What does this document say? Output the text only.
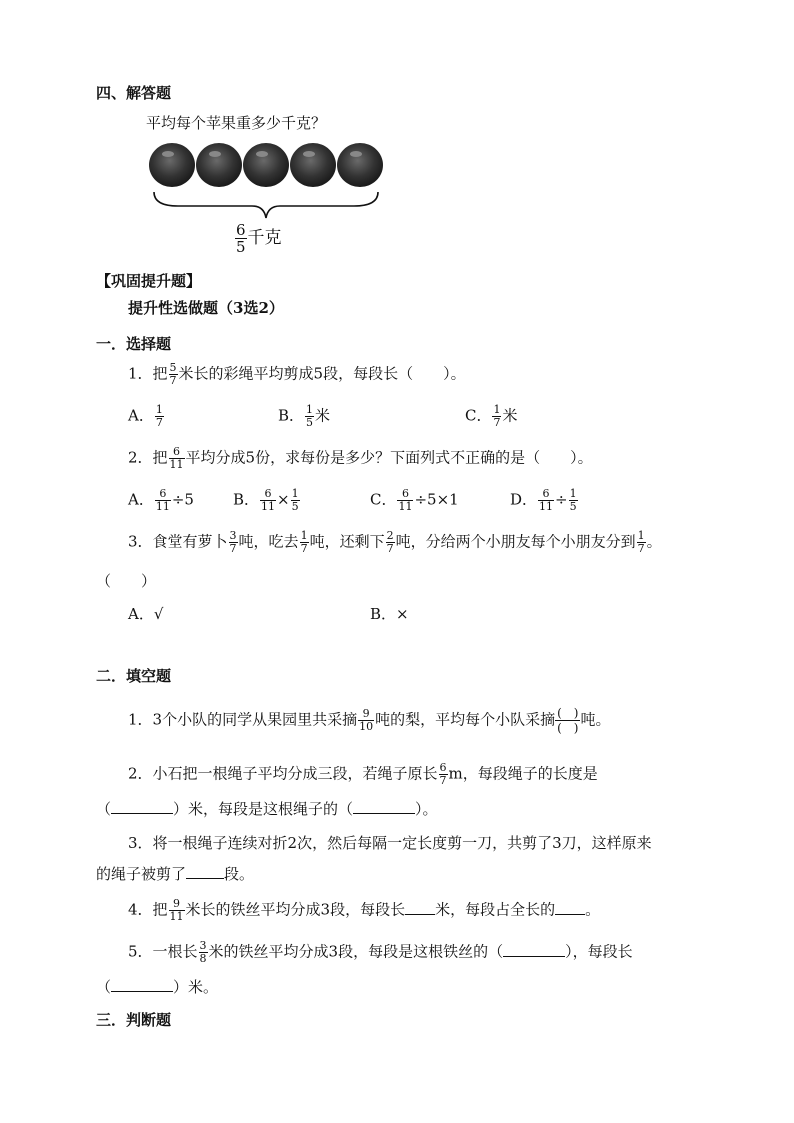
四、解答题
平均每个苹果重多少千克？
$\frac{6}{5}$ 千克
【巩固提升题】
提升性选做题（3选2）
一．选择题
1．把 $\frac{5}{7}$ 米长的彩绳平均剪成5段，每段长（　　）。
A． $\frac{1}{7}$	B． $\frac{1}{5}$ 米	C． $\frac{1}{7}$ 米
2．把 $\frac{6}{11}$ 平均分成5份，求每份是多少？下面列式不正确的是（　　）。
A． $\frac{6}{11} \div 5$	B． $\frac{6}{11} \times \frac{1}{5}$	C． $\frac{6}{11} \div 5\times 1$	D． $\frac{6}{11} \div \frac{1}{5}$
3．食堂有萝卜 $\frac{3}{7}$ 吨，吃去 $\frac{1}{7}$ 吨，还剩下 $\frac{2}{7}$ 吨，分给两个小朋友每个小朋友分到 $\frac{1}{7}$ 。
（　　）
A．√	B．×
二．填空题
1．3个小队的同学从果园里共采摘 $\frac{9}{10}$ 吨的梨，平均每个小队采摘 $\frac{( )}{( )}$ 吨。
2．小石把一根绳子平均分成三段，若绳子原长 $\frac{6}{7}$ m，每段绳子的长度是
（	）米，每段是这根绳子的（	）。
3．将一根绳子连续对折2次，然后每隔一定长度剪一刀，共剪了3刀，这样原来
的绳子被剪了	段。
4．把 $\frac{9}{11}$ 米长的铁丝平均分成3段，每段长 米，每段占全长的 。
5．一根长 $\frac{3}{8}$ 米的铁丝平均分成3段，每段是这根铁丝的（	），每段长
（	）米。
三．判断题
